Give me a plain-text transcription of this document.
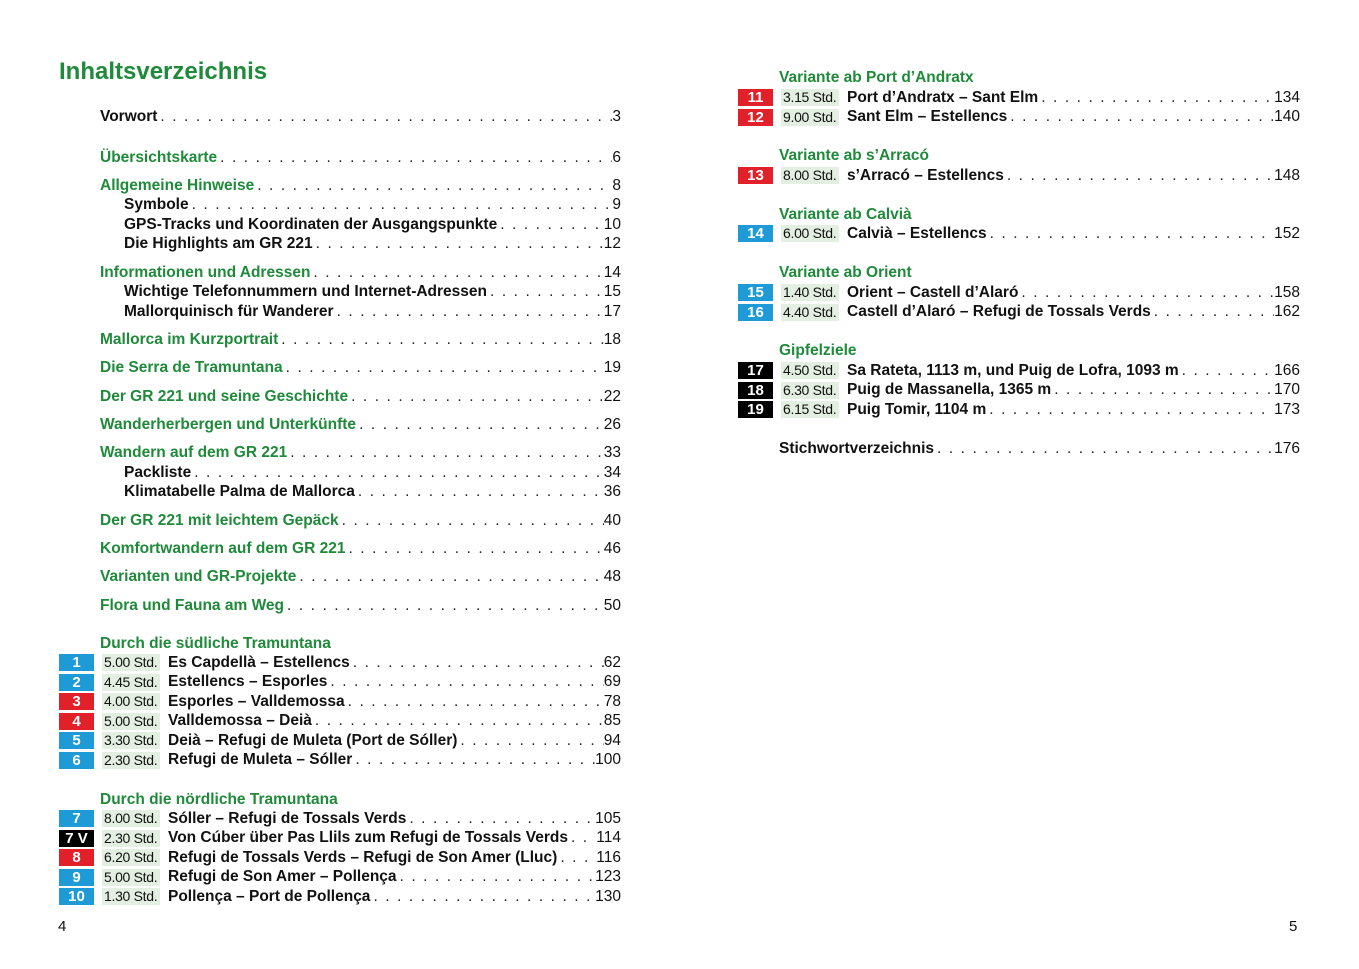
Inhaltsverzeichnis
Vorwort . . .	3
Übersichtskarte . . .	6
Allgemeine Hinweise . . .	8
Symbole . . .	9
GPS-Tracks und Koordinaten der Ausgangspunkte . . .	10
Die Highlights am GR 221 . . .	12
Informationen und Adressen . . .	14
Wichtige Telefonnummern und Internet-Adressen . . .	15
Mallorquinisch für Wanderer . . .	17
Mallorca im Kurzportrait . . .	18
Die Serra de Tramuntana . . .	19
Der GR 221 und seine Geschichte . . .	22
Wanderherbergen und Unterkünfte . . .	26
Wandern auf dem GR 221 . . .	33
Packliste . . .	34
Klimatabelle Palma de Mallorca . . .	36
Der GR 221 mit leichtem Gepäck . . .	40
Komfortwandern auf dem GR 221 . . .	46
Varianten und GR-Projekte . . .	48
Flora und Fauna am Weg . . .	50
Durch die südliche Tramuntana
1	5.00 Std. Es Capdellà – Estellencs . . .	62
2	4.45 Std. Estellencs – Esporles . . .	69
3	4.00 Std. Esporles – Valldemossa . . .	78
4	5.00 Std. Valldemossa – Deià . . .	85
5	3.30 Std. Deià – Refugi de Muleta (Port de Sóller) . . .	94
6	2.30 Std. Refugi de Muleta – Sóller . . .	100
Durch die nördliche Tramuntana
7	8.00 Std. Sóller – Refugi de Tossals Verds . . .	105
7 V	2.30 Std. Von Cúber über Pas Llils zum Refugi de Tossals Verds . . . 114
8	6.20 Std. Refugi de Tossals Verds – Refugi de Son Amer (Lluc) . . .	116
9	5.00 Std. Refugi de Son Amer – Pollença . . .	123
10	1.30 Std. Pollença – Port de Pollença . . .	130
Variante ab Port d’Andratx
11	3.15 Std. Port d’Andratx – Sant Elm . . .	134
12	9.00 Std. Sant Elm – Estellencs . . .	140
Variante ab s’Arracó
13	8.00 Std. s’Arracó – Estellencs . . .	148
Variante ab Calvià
14	6.00 Std. Calvià – Estellencs . . .	152
Variante ab Orient
15	1.40 Std. Orient – Castell d’Alaró . . .	158
16	4.40 Std. Castell d’Alaró – Refugi de Tossals Verds . . .	162
Gipfelziele
17	4.50 Std. Sa Rateta, 1113 m, und Puig de Lofra, 1093 m . . .	166
18	6.30 Std. Puig de Massanella, 1365 m . . .	170
19	6.15 Std. Puig Tomir, 1104 m . . .	173
Stichwortverzeichnis . . .	176
4	5
